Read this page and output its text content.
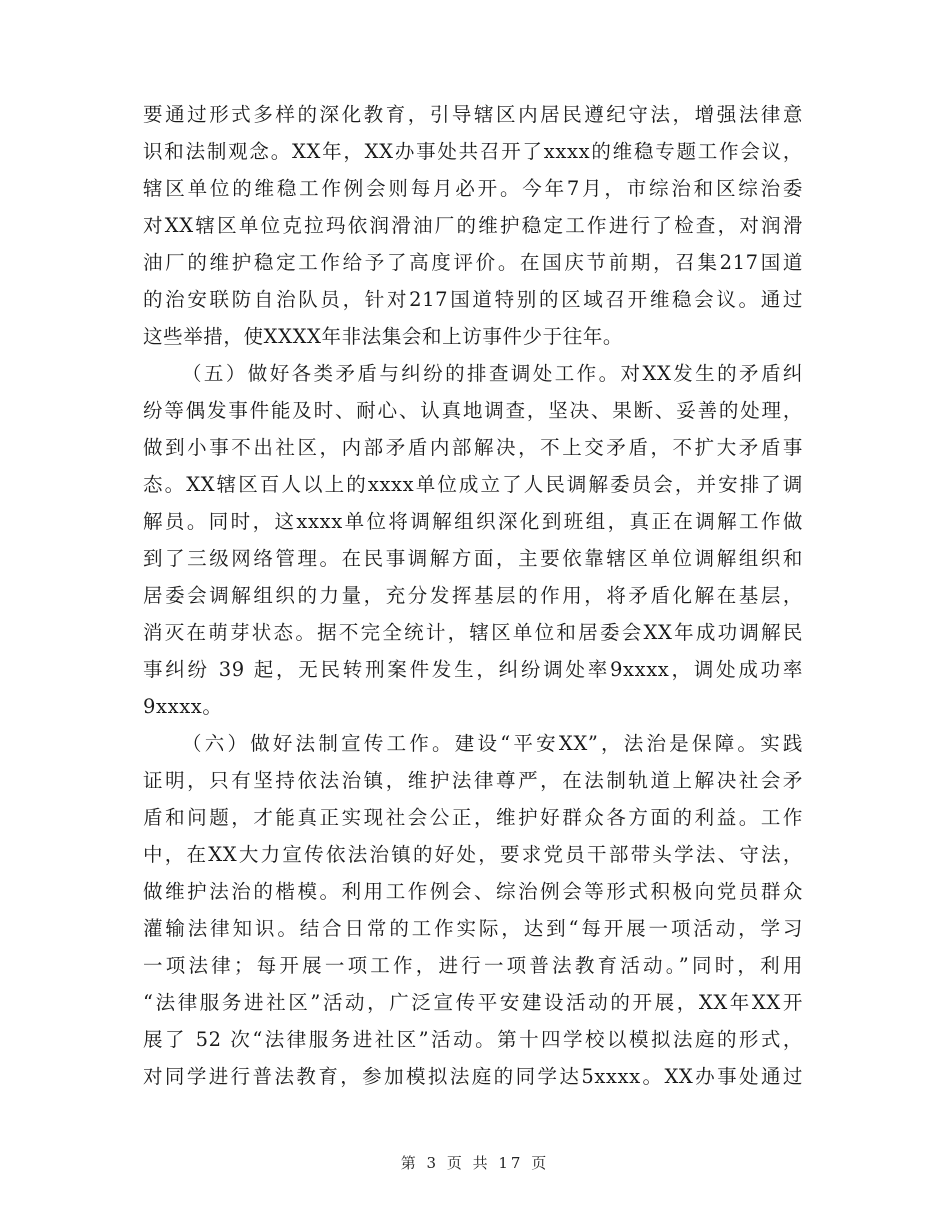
要通过形式多样的深化教育，引导辖区内居民遵纪守法，增强法律意
识和法制观念。XX年，XX办事处共召开了xxxx的维稳专题工作会议，
辖区单位的维稳工作例会则每月必开。今年7月，市综治和区综治委
对XX辖区单位克拉玛依润滑油厂的维护稳定工作进行了检查，对润滑
油厂的维护稳定工作给予了高度评价。在国庆节前期，召集217国道
的治安联防自治队员，针对217国道特别的区域召开维稳会议。通过
这些举措，使XXXX年非法集会和上访事件少于往年。
（五）做好各类矛盾与纠纷的排查调处工作。对XX发生的矛盾纠
纷等偶发事件能及时、耐心、认真地调查，坚决、果断、妥善的处理，
做到小事不出社区，内部矛盾内部解决，不上交矛盾，不扩大矛盾事
态。XX辖区百人以上的xxxx单位成立了人民调解委员会，并安排了调
解员。同时，这xxxx单位将调解组织深化到班组，真正在调解工作做
到了三级网络管理。在民事调解方面，主要依靠辖区单位调解组织和
居委会调解组织的力量，充分发挥基层的作用，将矛盾化解在基层，
消灭在萌芽状态。据不完全统计，辖区单位和居委会XX年成功调解民
事纠纷 39 起，无民转刑案件发生，纠纷调处率9xxxx，调处成功率
9xxxx。
（六）做好法制宣传工作。建设“平安XX”，法治是保障。实践
证明，只有坚持依法治镇，维护法律尊严，在法制轨道上解决社会矛
盾和问题，才能真正实现社会公正，维护好群众各方面的利益。工作
中，在XX大力宣传依法治镇的好处，要求党员干部带头学法、守法，
做维护法治的楷模。利用工作例会、综治例会等形式积极向党员群众
灌输法律知识。结合日常的工作实际，达到“每开展一项活动，学习
一项法律；每开展一项工作，进行一项普法教育活动。”同时，利用
“法律服务进社区”活动，广泛宣传平安建设活动的开展，XX年XX开
展了 52 次“法律服务进社区”活动。第十四学校以模拟法庭的形式，
对同学进行普法教育，参加模拟法庭的同学达5xxxx。XX办事处通过
第 3 页 共 17 页
